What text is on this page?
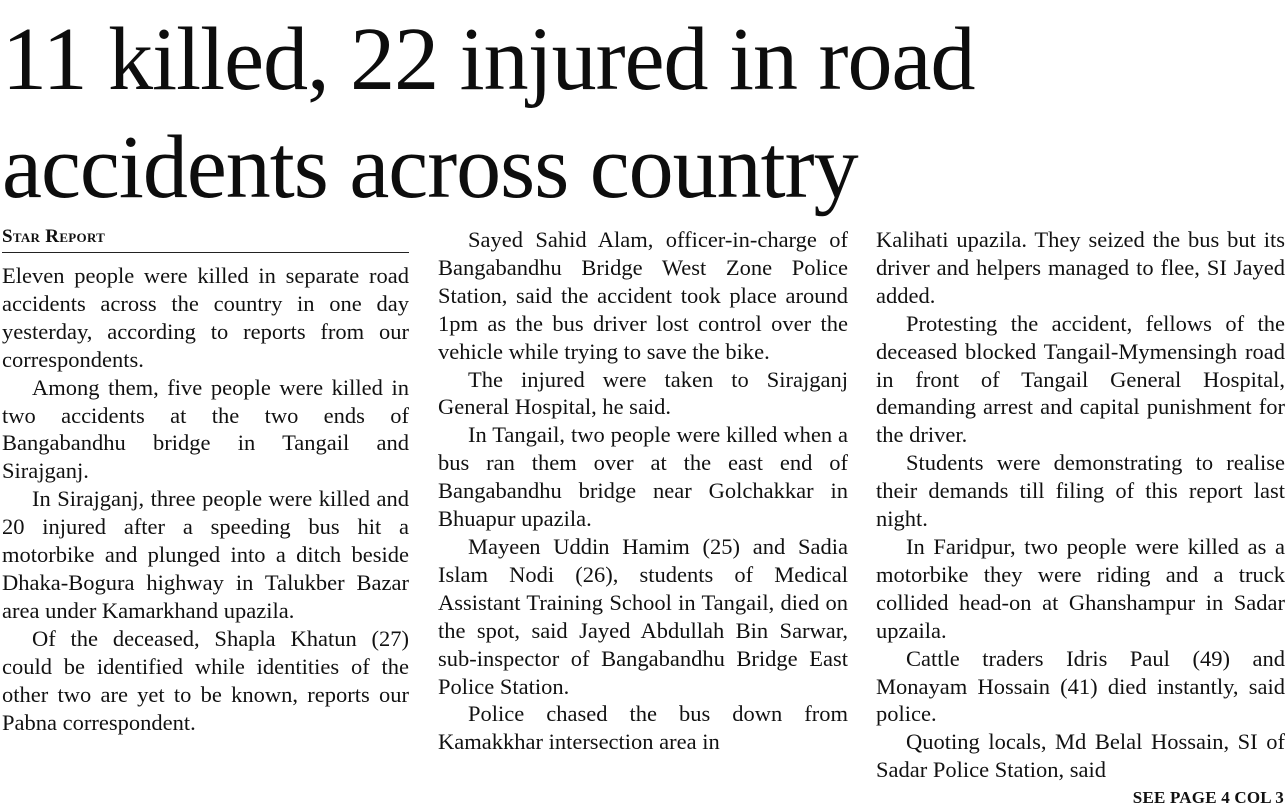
11 killed, 22 injured in road
accidents across country
Star Report

Eleven people were killed in separate road accidents across the country in one day yesterday, according to reports from our correspondents.

Among them, five people were killed in two accidents at the two ends of Bangabandhu bridge in Tangail and Sirajganj.

In Sirajganj, three people were killed and 20 injured after a speeding bus hit a motorbike and plunged into a ditch beside Dhaka-Bogura highway in Talukber Bazar area under Kamarkhand upazila.

Of the deceased, Shapla Khatun (27) could be identified while identities of the other two are yet to be known, reports our Pabna correspondent.

Sayed Sahid Alam, officer-in-charge of Bangabandhu Bridge West Zone Police Station, said the accident took place around 1pm as the bus driver lost control over the vehicle while trying to save the bike.

The injured were taken to Sirajganj General Hospital, he said.

In Tangail, two people were killed when a bus ran them over at the east end of Bangabandhu bridge near Golchakkar in Bhuapur upazila.

Mayeen Uddin Hamim (25) and Sadia Islam Nodi (26), students of Medical Assistant Training School in Tangail, died on the spot, said Jayed Abdullah Bin Sarwar, sub-inspector of Bangabandhu Bridge East Police Station.

Police chased the bus down from Kamakkhar intersection area in

Kalihati upazila. They seized the bus but its driver and helpers managed to flee, SI Jayed added.

Protesting the accident, fellows of the deceased blocked Tangail-Mymensingh road in front of Tangail General Hospital, demanding arrest and capital punishment for the driver.

Students were demonstrating to realise their demands till filing of this report last night.

In Faridpur, two people were killed as a motorbike they were riding and a truck collided head-on at Ghanshampur in Sadar upzaila.

Cattle traders Idris Paul (49) and Monayam Hossain (41) died instantly, said police.

Quoting locals, Md Belal Hossain, SI of Sadar Police Station, said

SEE PAGE 4 COL 3
